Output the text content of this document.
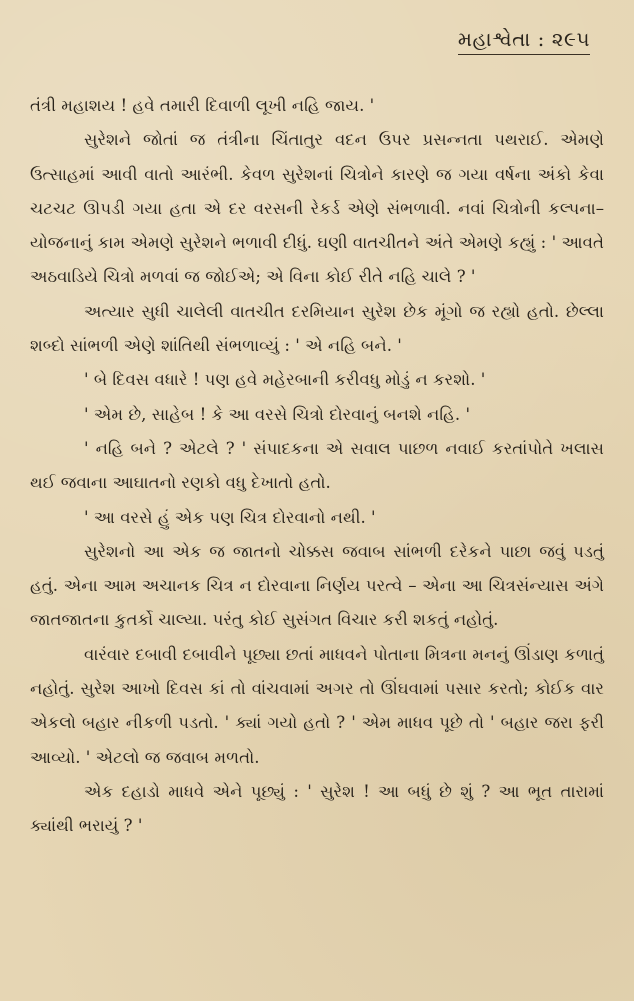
મહાશ્વેતા : ૨૯૫

તંત્રી મહાશય ! હવે તમારી દિવાળી લૂખી નહિ જાય. '

સુરેશને જોતાં જ તંત્રીના ચિંતાતુર વદન ઉપર પ્રસન્નતા પથરાઈ. એમણે ઉત્સાહમાં આવી વાતો આરંભી. કેવળ સુરેશનાં ચિત્રોને કારણે જ ગયા વર્ષના અંકો કેવા ચટચટ ઊપડી ગયા હતા એ દર વરસની રેકર્ડ એણે સંભળાવી. નવાં ચિત્રોની કલ્પના–યોજનાનું કામ એમણે સુરેશને ભળાવી દીધું. ઘણી વાતચીતને અંતે એમણે કહ્યું : ' આવતે અઠવાડિયે ચિત્રો મળવાં જ જોઈએ; એ વિના કોઈ રીતે નહિ ચાલે ? '

અત્યાર સુધી ચાલેલી વાતચીત દરમિયાન સુરેશ છેક મૂંગો જ રહ્યો હતો. છેલ્લા શબ્દો સાંભળી એણે શાંતિથી સંભળાવ્યું : ' એ નહિ બને. '

' બે દિવસ વધારે ! પણ હવે મહેરબાની કરીવધુ મોડું ન કરશો. '

' એમ છે, સાહેબ ! કે આ વરસે ચિત્રો દોરવાનું બનશે નહિ. '

' નહિ બને ? એટલે ? ' સંપાદકના એ સવાલ પાછળ નવાઈ કરતાંપોતે ખલાસ થઈ જવાના આઘાતનો રણકો વધુ દેખાતો હતો.

' આ વરસે હું એક પણ ચિત્ર દોરવાનો નથી. '

સુરેશનો આ એક જ જાતનો ચોક્કસ જવાબ સાંભળી દરેકને પાછા જવું પડતું હતું. એના આમ અચાનક ચિત્ર ન દોરવાના નિર્ણય પરત્વે – એના આ ચિત્રસંન્યાસ અંગે જાતજાતના કુતર્કો ચાલ્યા. પરંતુ કોઈ સુસંગત વિચાર કરી શકતું નહોતું.

વારંવાર દબાવી દબાવીને પૂછ્યા છતાં માધવને પોતાના મિત્રના મનનું ઊંડાણ કળાતું નહોતું. સુરેશ આખો દિવસ કાં તો વાંચવામાં અગર તો ઊંઘવામાં પસાર કરતો; કોઈક વાર એકલો બહાર નીકળી પડતો. ' ક્યાં ગયો હતો ? ' એમ માધવ પૂછે તો ' બહાર જરા ફરી આવ્યો. ' એટલો જ જવાબ મળતો.

એક દહાડો માધવે એને પૂછ્યું : ' સુરેશ ! આ બધું છે શું ? આ ભૂત તારામાં ક્યાંથી ભરાયું ? '
